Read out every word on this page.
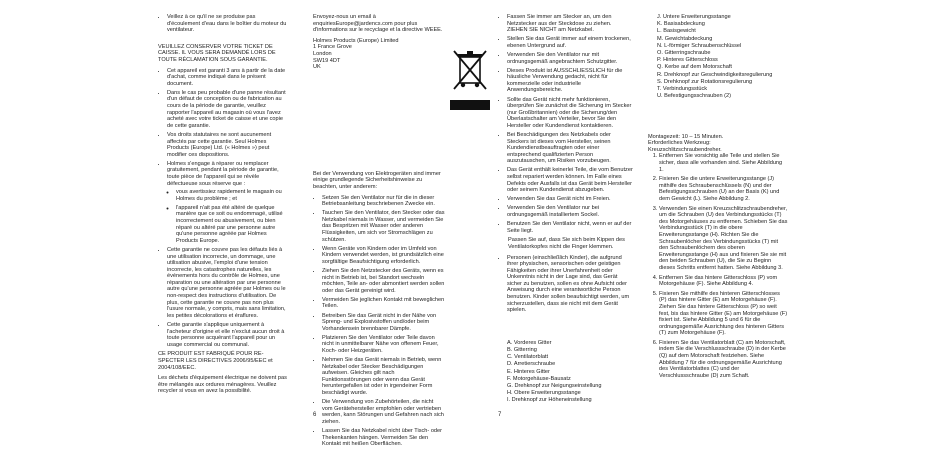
• Veillez à ce qu'il ne se produise pas d'écoulement d'eau dans le boîtier du moteur du ventilateur.

VEUILLEZ CONSERVER VOTRE TICKET DE CAISSE. IL VOUS SERA DEMANDÉ LORS DE TOUTE RÉCLAMATION SOUS GARANTIE.

• Cet appareil est garanti 3 ans à partir de la date d'achat, comme indiqué dans le présent document.
• Dans le cas peu probable d'une panne résultant d'un défaut de conception ou de fabrication au cours de la période de garantie, veuillez rapporter l'appareil au magasin où vous l'avez acheté avec votre ticket de caisse et une copie de cette garantie.
• Vos droits statutaires ne sont aucunement affectés par cette garantie. Seul Holmes Products (Europe) Ltd. (« Holmes ») peut modifier ces dispositions.
• Holmes s'engage à réparer ou remplacer gratuitement, pendant la période de garantie, toute pièce de l'appareil qui se révèle défectueuse sous réserve que :
◦ vous avertissiez rapidement le magasin ou Holmes du problème ; et
◦ l'appareil n'ait pas été altéré de quelque manière que ce soit ou endommagé, utilisé incorrectement ou abusivement, ou bien réparé ou altéré par une personne autre qu'une personne agréée par Holmes Products Europe.
• Cette garantie ne couvre pas les défauts liés à une utilisation incorrecte, un dommage, une utilisation abusive, l'emploi d'une tension incorrecte, les catastrophes naturelles, les événements hors du contrôle de Holmes, une réparation ou une altération par une personne autre qu'une personne agréée par Holmes ou le non-respect des instructions d'utilisation. De plus, cette garantie ne couvre pas non plus l'usure normale, y compris, mais sans limitation, les petites décolorations et éraflures.
• Cette garantie s'applique uniquement à l'acheteur d'origine et elle n'exclut aucun droit à toute personne acquérant l'appareil pour un usage commercial ou communal.

CE PRODUIT EST FABRIQUÉ POUR RE-SPECTER LES DIRECTIVES 2006/95/EEC et 2004/108/EEC.

Les déchets d'équipement électrique ne doivent pas être mélangés aux ordures ménagères. Veuillez recycler si vous en avez la possibilité.

Envoyez-nous un email à enquiriesEurope@jardencs.com pour plus d'informations sur le recyclage et la directive WEEE.

Holmes Products (Europe) Limited
1 France Grove
London
SW19 4DT
UK

Bei der Verwendung von Elektrogeräten sind immer einige grundlegende Sicherheitshinweise zu beachten, unter anderem:

• Setzen Sie den Ventilator nur für die in dieser Betriebsanleitung beschriebenen Zwecke ein.
• Tauchen Sie den Ventilator, den Stecker oder das Netzkabel niemals in Wasser, und vermeiden Sie das Bespritzen mit Wasser oder anderen Flüssigkeiten, um sich vor Stromschlägen zu schützen.
• Wenn Geräte von Kindern oder im Umfeld von Kindern verwendet werden, ist grundsätzlich eine sorgfältige Beaufsichtigung erforderlich.
• Ziehen Sie den Netzstecker des Geräts, wenn es nicht in Betrieb ist, bei Standort wechseln möchten, Teile an- oder abmontiert werden sollen oder das Gerät gereinigt wird.
• Vermeiden Sie jeglichen Kontakt mit beweglichen Teilen.
• Betreiben Sie das Gerät nicht in der Nähe von Spreng- und Explosivstoffen und/oder beim Vorhandensein brennbarer Dämpfe.
• Platzieren Sie den Ventilator oder Teile davon nicht in unmittelbarer Nähe von offenem Feuer, Koch- oder Heizgeräten.
• Nehmen Sie das Gerät niemals in Betrieb, wenn Netzkabel oder Stecker Beschädigungen aufweisen. Gleiches gilt nach Funktionsstörungen oder wenn das Gerät heruntergefallen ist oder in irgendeiner Form beschädigt wurde.
• Die Verwendung von Zubehörteilen, die nicht vom Gerätehersteller empfohlen oder vertrieben werden, kann Störungen und Gefahren nach sich ziehen.
• Lassen Sie das Netzkabel nicht über Tisch- oder Thekenkanten hängen. Vermeiden Sie den Kontakt mit heißen Oberflächen.
6
• Fassen Sie immer am Stecker an, um den Netzstecker aus der Steckdose zu ziehen. ZIEHEN SIE NICHT am Netzkabel.
• Stellen Sie das Gerät immer auf einem trockenen, ebenen Untergrund auf.
• Verwenden Sie den Ventilator nur mit ordnungsgemäß angebrachtem Schutzgitter.
• Dieses Produkt ist AUSSCHLIESSLICH für die häusliche Verwendung gedacht, nicht für kommerzielle oder industrielle Anwendungsbereiche.
• Sollte das Gerät nicht mehr funktionieren, überprüfen Sie zunächst die Sicherung im Stecker (nur Großbritannien) oder die Sicherung/den Überlastschalter am Verteiler, bevor Sie den Hersteller oder Kundendienst kontaktieren.
• Bei Beschädigungen des Netzkabels oder Steckers ist dieses vom Hersteller, seinen Kundendienstbeauftragten oder einer entsprechend qualifizierten Person auszutauschen, um Risiken vorzubeugen.
• Das Gerät enthält keinerlei Teile, die vom Benutzer selbst repariert werden können. Im Falle eines Defekts oder Ausfalls ist das Gerät beim Hersteller oder seinem Kundendienst abzugeben.
• Verwenden Sie das Gerät nicht im Freien.
• Verwenden Sie den Ventilator nur bei ordnungsgemäß installiertem Sockel.
• Benutzen Sie den Ventilator nicht, wenn er auf der Seite liegt.

Passen Sie auf, dass Sie sich beim Kippen des Ventilatorkopfes nicht die Finger klemmen.

• Personen (einschließlich Kinder), die aufgrund ihrer physischen, sensorischen oder geistigen Fähigkeiten oder ihrer Unerfahrenheit oder Unkenntnis nicht in der Lage sind, das Gerät sicher zu benutzen, sollen es ohne Aufsicht oder Anweisung durch eine verantwortliche Person benutzen. Kinder sollen beaufsichtigt werden, um sicherzustellen, dass sie nicht mit dem Gerät spielen.
A. Vorderes Gitter
B. Gitterring
C. Ventilatorblatt
D. Arretierschraube
E. Hinteres Gitter
F. Motorgehäuse-Bausatz
G. Drehknopf zur Neigungseinstellung
H. Obere Erweiterungsstange
I. Drehknopf zur Höheneinstellung
7
J. Untere Erweiterungsstange
K. Basisabdeckung
L. Basisgewicht
M. Gewichtabdeckung
N. L-förmiger Schraubenschlüssel
O. Gitterringschraube
P. Hinteres Gitterschloss
Q. Kerbe auf dem Motorschaft
R. Drehknopf zur Geschwindigkeitsregulierung
S. Drehknopf zur Rotationsregulierung
T. Verbindungsstück
U. Befestigungsschrauben (2)
Montagezeit: 10 – 15 Minuten.
Erforderliches Werkzeug:
Kreuzschlitzschraubendreher.
1. Entfernen Sie vorsichtig alle Teile und stellen Sie sicher, dass alle vorhanden sind. Siehe Abbildung 1.
2. Fixieren Sie die untere Erweiterungsstange (J) mithilfe des Schraubenschlüssels (N) und der Befestigungsschrauben (U) an der Basis (K) und dem Gewicht (L). Siehe Abbildung 2.
3. Verwenden Sie einen Kreuzschlitzschraubendreher, um die Schrauben (U) des Verbindungsstücks (T) des Motorgehäuses zu entfernen. Schieben Sie das Verbindungsstück (T) in die obere Erweiterungsstange (H). Richten Sie die Schraubenlöcher des Verbindungsstücks (T) mit den Schraubenlöchern des oberen Erweiterungsstange (H) aus und fixieren Sie sie mit den beiden Schrauben (U), die Sie zu Beginn dieses Schritts entfernt hatten. Siehe Abbildung 3.
4. Entfernen Sie das hintere Gitterschloss (P) vom Motorgehäuse (F). Siehe Abbildung 4.
5. Fixieren Sie mithilfe des hinteren Gitterschlosses (P) das hintere Gitter (E) am Motorgehäuse (F). Ziehen Sie das hintere Gitterschloss (P) so weit fest, bis das hintere Gitter (E) am Motorgehäuse (F) fixiert ist. Siehe Abbildung 5 und 6 für die ordnungsgemäße Ausrichtung des hinteren Gitters (T) zum Motorgehäuse (F).
6. Fixieren Sie das Ventilatorblatt (C) am Motorschaft, indem Sie die Verschlussschraube (D) in der Kerbe (Q) auf dem Motorschaft festziehen. Siehe Abbildung 7 für die ordnungsgemäße Ausrichtung des Ventilatorblattes (C) und der Verschlussschraube (D) zum Schaft.
